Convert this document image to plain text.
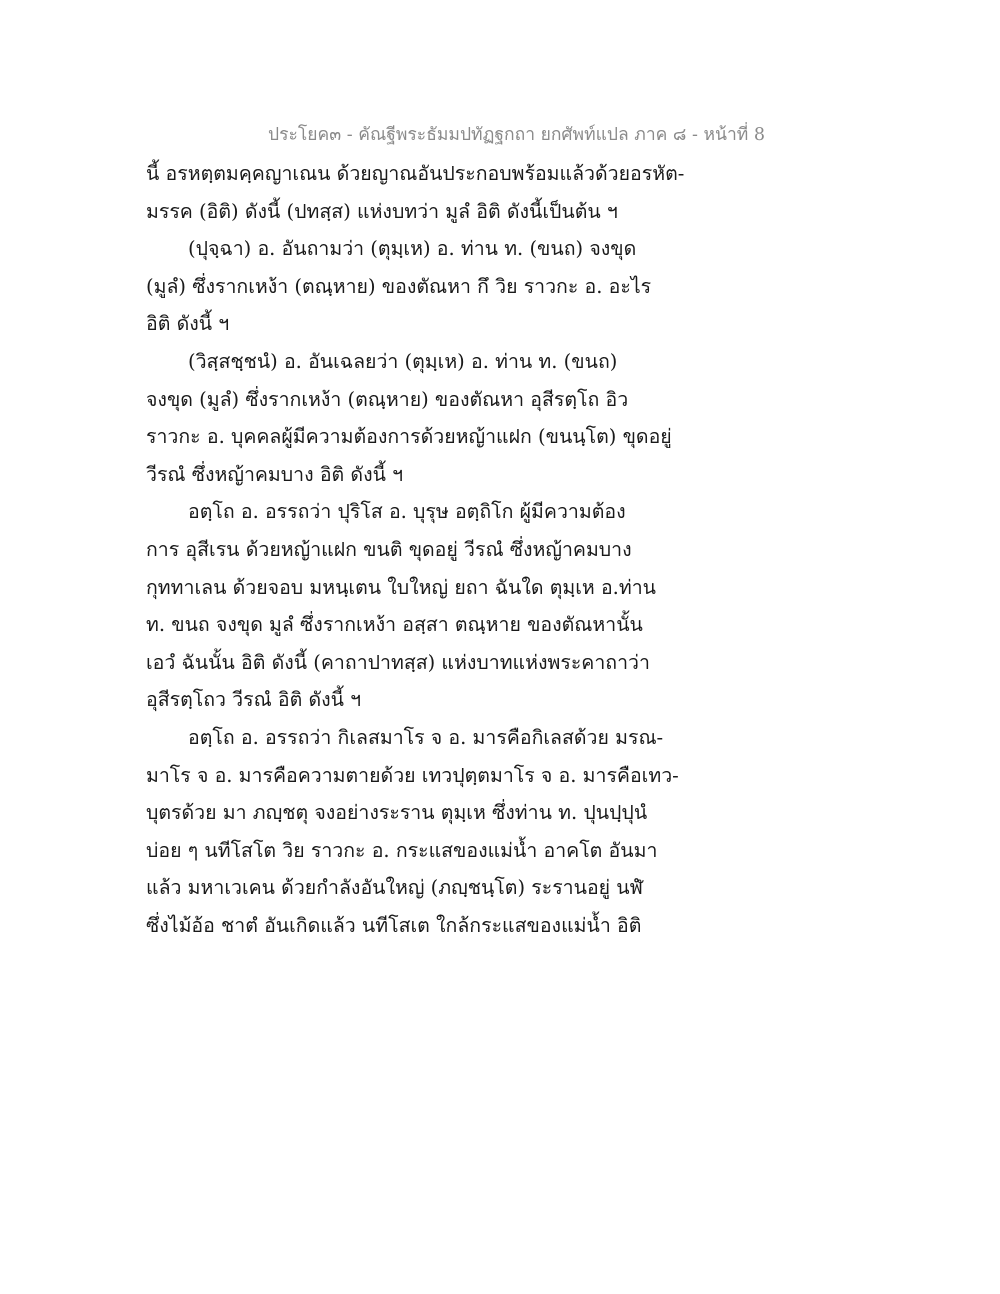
ประโยค๓ - คัณฐีพระธัมมปทัฏฐกถา ยกศัพท์แปล ภาค ๘ - หน้าที่ 8
นี้ อรหตฺตมคฺคญาเณน ด้วยญาณอันประกอบพร้อมแล้วด้วยอรหัต-
มรรค (อิติ) ดังนี้ (ปทสฺส) แห่งบทว่า มูลํ อิติ ดังนี้เป็นต้น ฯ
(ปุจฺฉา) อ. อันถามว่า (ตุมฺเห) อ. ท่าน ท. (ขนถ) จงขุด
(มูลํ) ซึ่งรากเหง้า (ตณฺหาย) ของตัณหา กึ วิย ราวกะ อ. อะไร
อิติ ดังนี้ ฯ
(วิสฺสชฺชนํ) อ. อันเฉลยว่า (ตุมฺเห) อ. ท่าน ท. (ขนถ)
จงขุด (มูลํ) ซึ่งรากเหง้า (ตณฺหาย) ของตัณหา อุสีรตฺโถ อิว
ราวกะ อ. บุคคลผู้มีความต้องการด้วยหญ้าแฝก (ขนนฺโต) ขุดอยู่
วีรณํ ซึ่งหญ้าคมบาง อิติ ดังนี้ ฯ
อตฺโถ อ. อรรถว่า ปุริโส อ. บุรุษ อตฺถิโก ผู้มีความต้อง
การ อุสีเรน ด้วยหญ้าแฝก ขนติ ขุดอยู่ วีรณํ ซึ่งหญ้าคมบาง
กุททาเลน ด้วยจอบ มหนฺเตน ใบใหญ่ ยถา ฉันใด ตุมฺเห อ.ท่าน
ท. ขนถ จงขุด มูลํ ซึ่งรากเหง้า อสฺสา ตณฺหาย ของตัณหานั้น
เอวํ ฉันนั้น อิติ ดังนี้ (คาถาปาทสฺส) แห่งบาทแห่งพระคาถาว่า
อุสีรตฺโถว วีรณํ อิติ ดังนี้ ฯ
อตฺโถ อ. อรรถว่า กิเลสมาโร จ อ. มารคือกิเลสด้วย มรณ-
มาโร จ อ. มารคือความตายด้วย เทวปุตฺตมาโร จ อ. มารคือเทว-
บุตรด้วย มา ภญฺชตุ จงอย่างระราน ตุมฺเห ซึ่งท่าน ท. ปุนปฺปุนํ
บ่อย ๆ นทีโสโต วิย ราวกะ อ. กระแสของแม่น้ำ อาคโต อันมา
แล้ว มหาเวเคน ด้วยกำลังอันใหญ่ (ภญฺชนฺโต) ระรานอยู่ นฬํ
ซึ่งไม้อ้อ ชาตํ อันเกิดแล้ว นทีโสเต ใกล้กระแสของแม่น้ำ อิติ
